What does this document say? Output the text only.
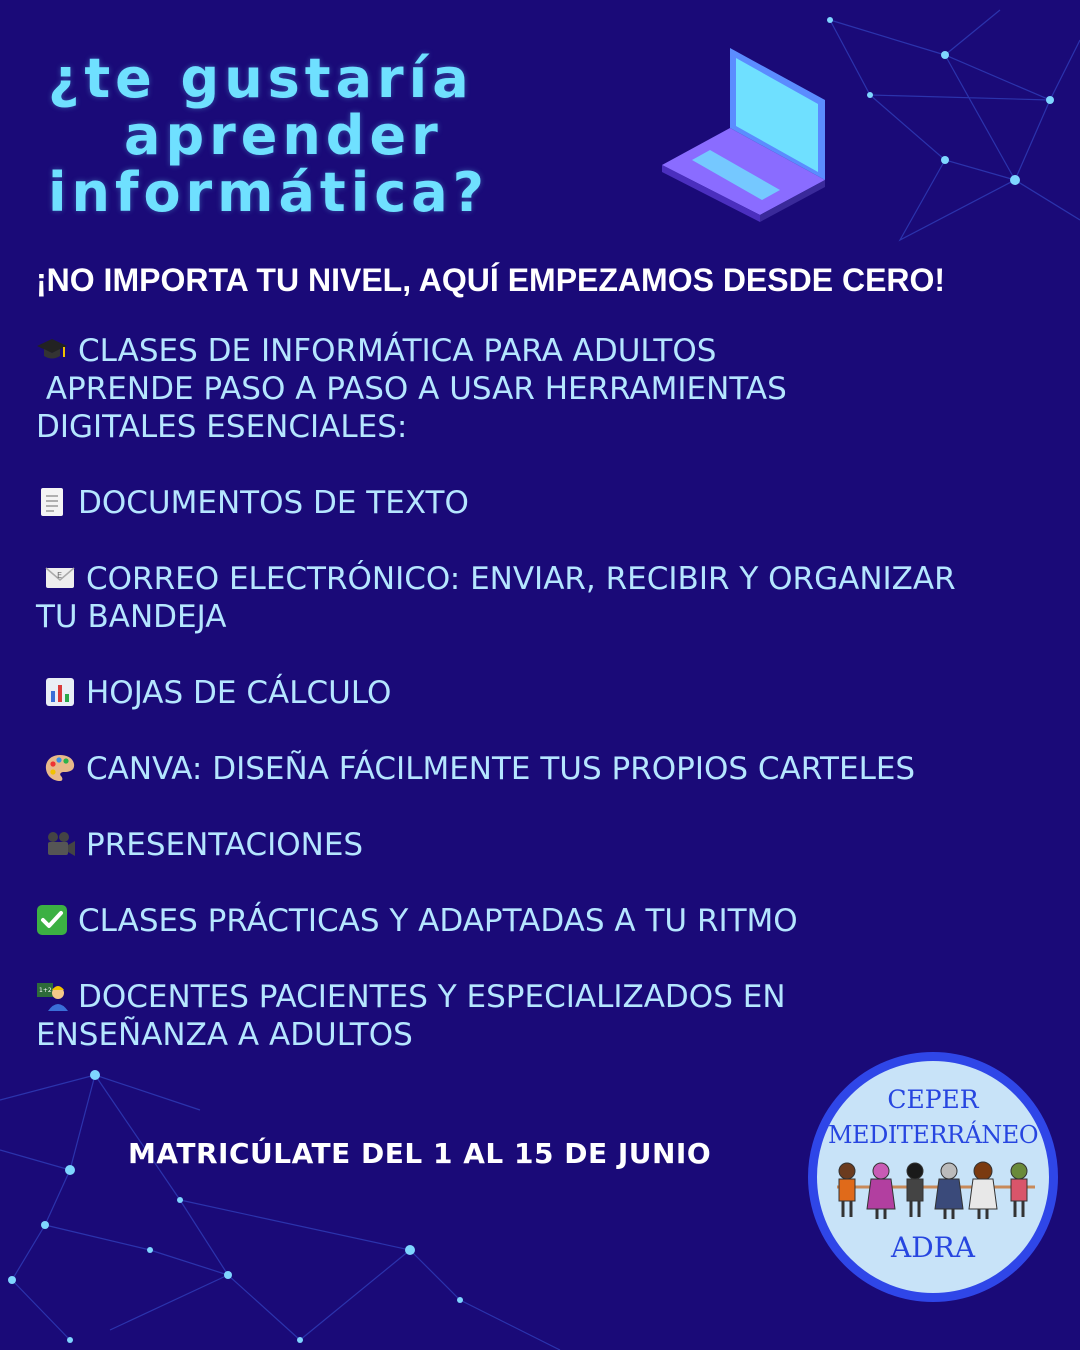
¿te gustaría
aprender
informática?
¡NO IMPORTA TU NIVEL, AQUÍ EMPEZAMOS DESDE CERO!
CLASES DE INFORMÁTICA PARA ADULTOS
APRENDE PASO A PASO A USAR HERRAMIENTAS
DIGITALES ESENCIALES:
DOCUMENTOS DE TEXTO
E CORREO ELECTRÓNICO: ENVIAR, RECIBIR Y ORGANIZAR
TU BANDEJA
HOJAS DE CÁLCULO
CANVA: DISEÑA FÁCILMENTE TUS PROPIOS CARTELES
PRESENTACIONES
CLASES PRÁCTICAS Y ADAPTADAS A TU RITMO
1+2 DOCENTES PACIENTES Y ESPECIALIZADOS EN
ENSEÑANZA A ADULTOS
MATRICÚLATE DEL 1 AL 15 DE JUNIO
CEPER
MEDITERRÁNEO
ADRA
